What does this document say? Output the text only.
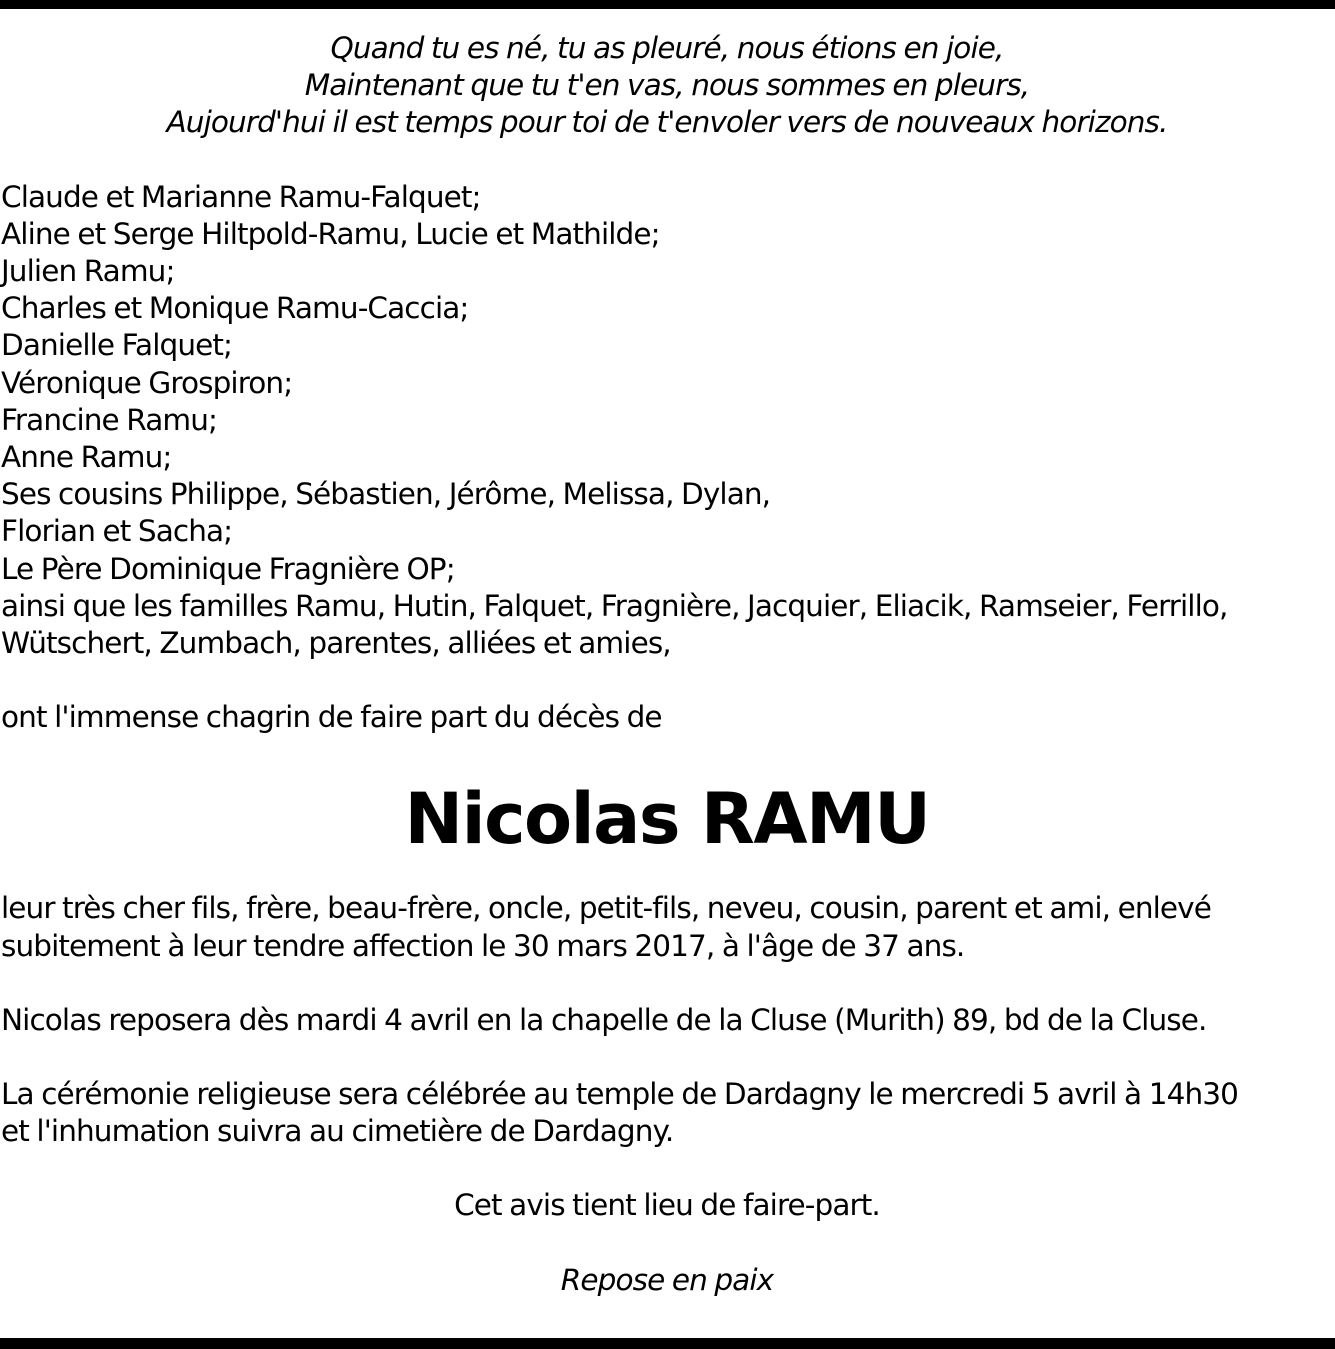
Quand tu es né, tu as pleuré, nous étions en joie,
Maintenant que tu t'en vas, nous sommes en pleurs,
Aujourd'hui il est temps pour toi de t'envoler vers de nouveaux horizons.
Claude et Marianne Ramu-Falquet;
Aline et Serge Hiltpold-Ramu, Lucie et Mathilde;
Julien Ramu;
Charles et Monique Ramu-Caccia;
Danielle Falquet;
Véronique Grospiron;
Francine Ramu;
Anne Ramu;
Ses cousins Philippe, Sébastien, Jérôme, Melissa, Dylan,
Florian et Sacha;
Le Père Dominique Fragnière OP;
ainsi que les familles Ramu, Hutin, Falquet, Fragnière, Jacquier, Eliacik, Ramseier, Ferrillo,
Wütschert, Zumbach, parentes, alliées et amies,
ont l'immense chagrin de faire part du décès de
Nicolas RAMU
leur très cher fils, frère, beau-frère, oncle, petit-fils, neveu, cousin, parent et ami, enlevé
subitement à leur tendre affection le 30 mars 2017, à l'âge de 37 ans.
Nicolas reposera dès mardi 4 avril en la chapelle de la Cluse (Murith) 89, bd de la Cluse.
La cérémonie religieuse sera célébrée au temple de Dardagny le mercredi 5 avril à 14h30
et l'inhumation suivra au cimetière de Dardagny.
Cet avis tient lieu de faire-part.
Repose en paix
